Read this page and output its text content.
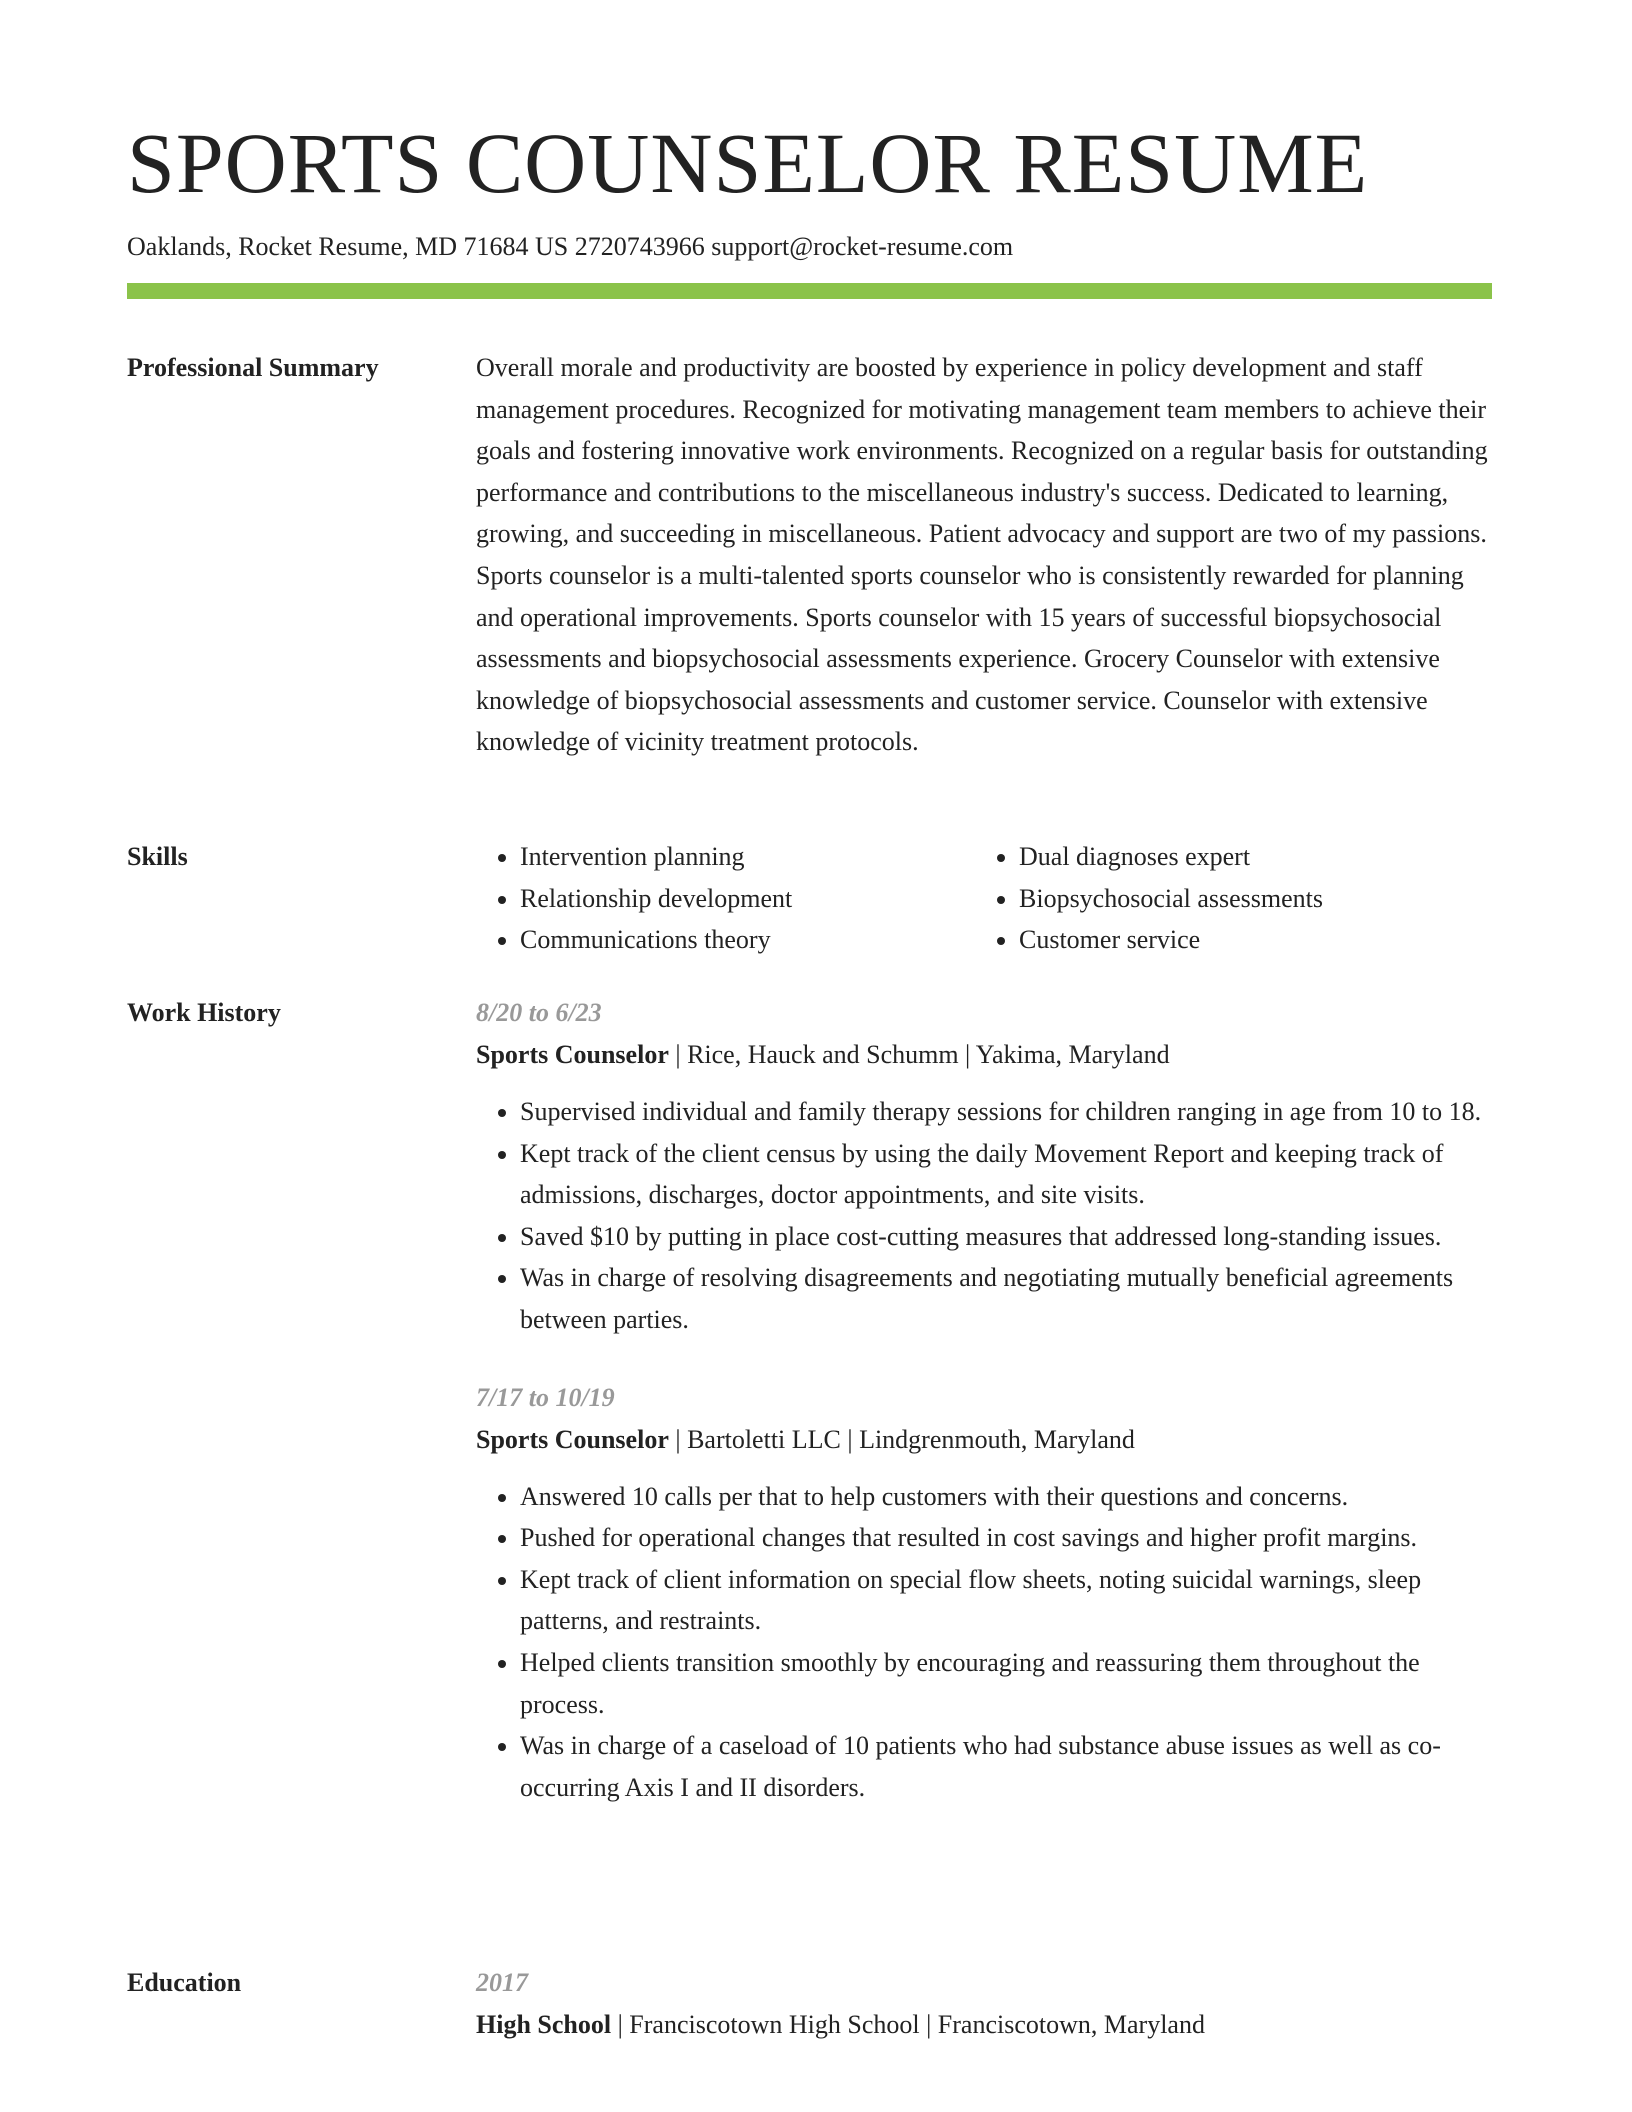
SPORTS COUNSELOR RESUME
Oaklands, Rocket Resume, MD 71684 US 2720743966 support@rocket-resume.com
Professional Summary	Overall morale and productivity are boosted by experience in policy development and staff management procedures. Recognized for motivating management team members to achieve their goals and fostering innovative work environments. Recognized on a regular basis for outstanding performance and contributions to the miscellaneous industry's success. Dedicated to learning, growing, and succeeding in miscellaneous. Patient advocacy and support are two of my passions. Sports counselor is a multi-talented sports counselor who is consistently rewarded for planning and operational improvements. Sports counselor with 15 years of successful biopsychosocial assessments and biopsychosocial assessments experience. Grocery Counselor with extensive knowledge of biopsychosocial assessments and customer service. Counselor with extensive knowledge of vicinity treatment protocols.

Skills
•	Intervention planning
• Relationship development
• Communications theory
• Dual diagnoses expert
• Biopsychosocial assessments
• Customer service
Work History	8/20 to 6/23
Sports Counselor | Rice, Hauck and Schumm | Yakima, Maryland
• Supervised individual and family therapy sessions for children ranging in age from 10 to 18.
• Kept track of the client census by using the daily Movement Report and keeping track of admissions, discharges, doctor appointments, and site visits.
• Saved $10 by putting in place cost-cutting measures that addressed long-standing issues.
• Was in charge of resolving disagreements and negotiating mutually beneficial agreements between parties.
7/17 to 10/19
Sports Counselor | Bartoletti LLC | Lindgrenmouth, Maryland
• Answered 10 calls per that to help customers with their questions and concerns.
• Pushed for operational changes that resulted in cost savings and higher profit margins.
• Kept track of client information on special flow sheets, noting suicidal warnings, sleep patterns, and restraints.
• Helped clients transition smoothly by encouraging and reassuring them throughout the process.
• Was in charge of a caseload of 10 patients who had substance abuse issues as well as co-occurring Axis I and II disorders.
Education	2017
High School | Franciscotown High School | Franciscotown, Maryland
